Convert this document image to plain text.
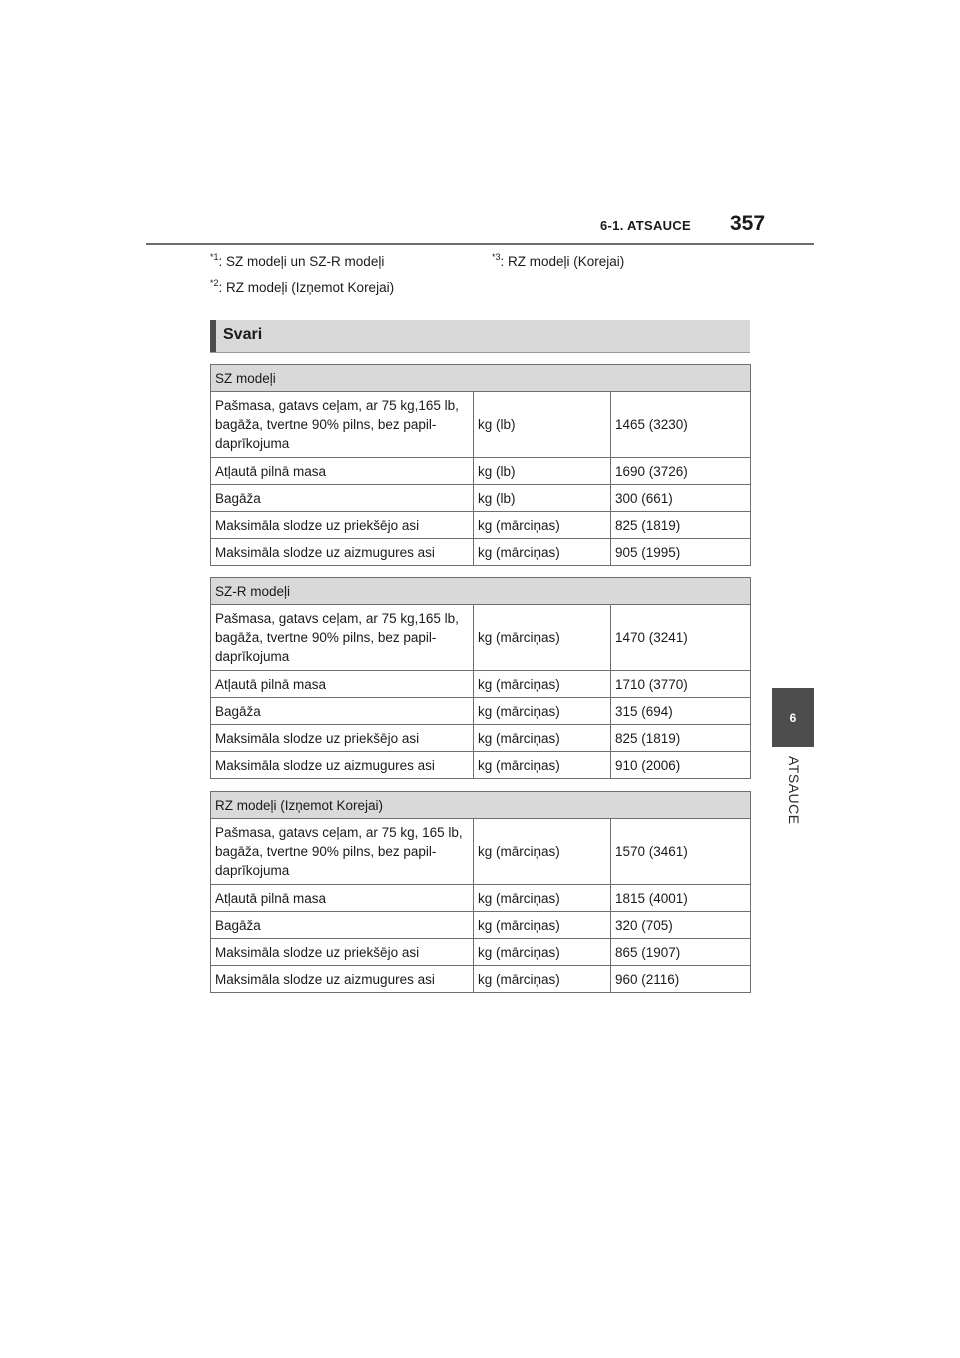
6-1. ATSAUCE 357
6
ATSAUCE
$^{*1}$: SZ modeļi un SZ-R modeļi
$^{*2}$: RZ modeļi (Izņemot Korejai)
$^{*3}$: RZ modeļi (Korejai)
Svari
SZ modeļi		
Pašmasa, gatavs ceļam, ar 75 kg,165 lb, bagāža, tvertne 90% pilns, bez papil-daprīkojuma	kg (lb)	1465 (3230)
Atļautā pilnā masa	kg (lb)	1690 (3726)
Bagāža	kg (lb)	300 (661)
Maksimāla slodze uz priekšējo asi	kg (mārciņas)	825 (1819)
Maksimāla slodze uz aizmugures asi	kg (mārciņas)	905 (1995)
SZ-R modeļi		
Pašmasa, gatavs ceļam, ar 75 kg,165 lb, bagāža, tvertne 90% pilns, bez papil-daprīkojuma	kg (mārciņas)	1470 (3241)
Atļautā pilnā masa	kg (mārciņas)	1710 (3770)
Bagāža	kg (mārciņas)	315 (694)
Maksimāla slodze uz priekšējo asi	kg (mārciņas)	825 (1819)
Maksimāla slodze uz aizmugures asi	kg (mārciņas)	910 (2006)
RZ modeļi (Izņemot Korejai)		
Pašmasa, gatavs ceļam, ar 75 kg, 165 lb, bagāža, tvertne 90% pilns, bez papil-daprīkojuma	kg (mārciņas)	1570 (3461)
Atļautā pilnā masa	kg (mārciņas)	1815 (4001)
Bagāža	kg (mārciņas)	320 (705)
Maksimāla slodze uz priekšējo asi	kg (mārciņas)	865 (1907)
Maksimāla slodze uz aizmugures asi	kg (mārciņas)	960 (2116)
